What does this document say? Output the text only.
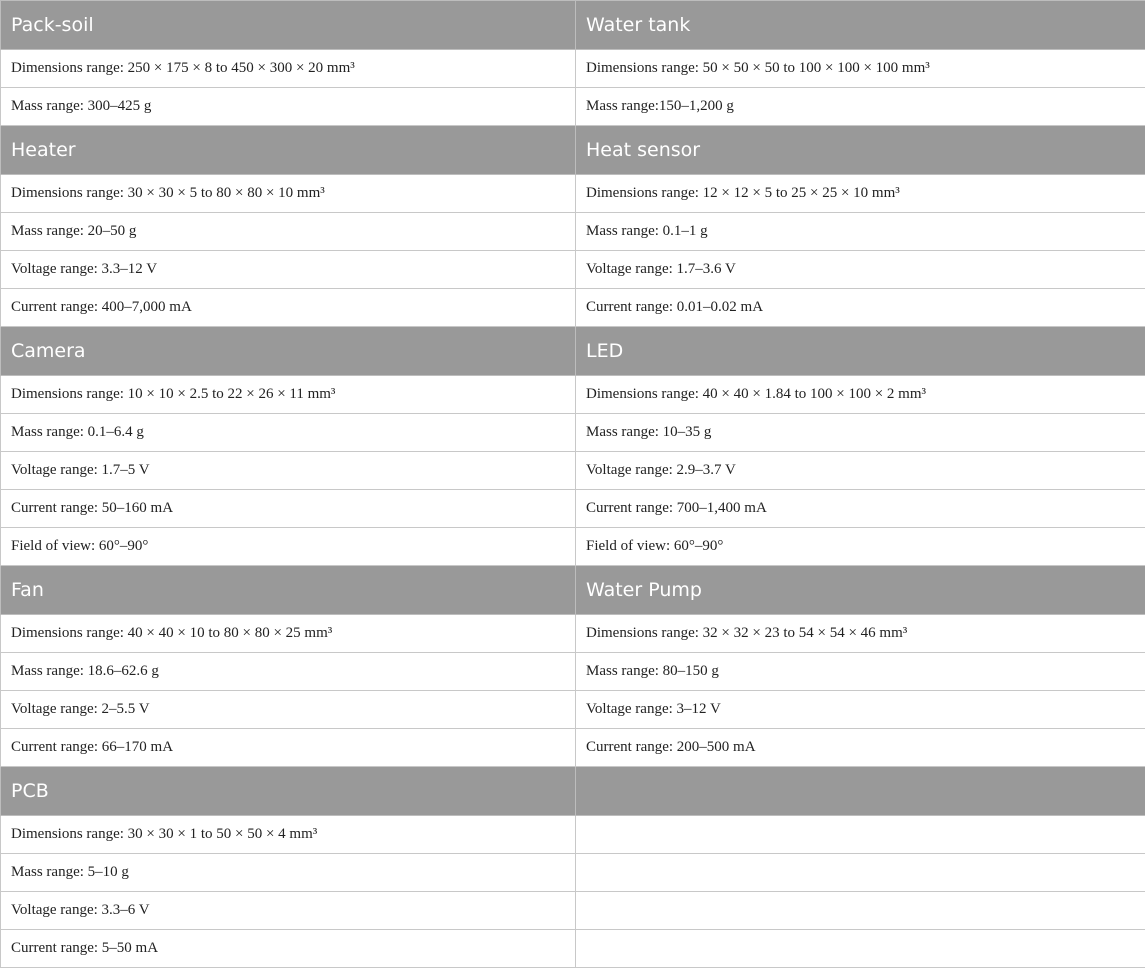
Pack-soil	Water tank
Dimensions range: 250 × 175 × 8 to 450 × 300 × 20 mm³	Dimensions range: 50 × 50 × 50 to 100 × 100 × 100 mm³
Mass range: 300–425 g	Mass range:150–1,200 g
Heater	Heat sensor
Dimensions range: 30 × 30 × 5 to 80 × 80 × 10 mm³	Dimensions range: 12 × 12 × 5 to 25 × 25 × 10 mm³
Mass range: 20–50 g	Mass range: 0.1–1 g
Voltage range: 3.3–12 V	Voltage range: 1.7–3.6 V
Current range: 400–7,000 mA	Current range: 0.01–0.02 mA
Camera	LED
Dimensions range: 10 × 10 × 2.5 to 22 × 26 × 11 mm³	Dimensions range: 40 × 40 × 1.84 to 100 × 100 × 2 mm³
Mass range: 0.1–6.4 g	Mass range: 10–35 g
Voltage range: 1.7–5 V	Voltage range: 2.9–3.7 V
Current range: 50–160 mA	Current range: 700–1,400 mA
Field of view: 60°–90°	Field of view: 60°–90°
Fan	Water Pump
Dimensions range: 40 × 40 × 10 to 80 × 80 × 25 mm³	Dimensions range: 32 × 32 × 23 to 54 × 54 × 46 mm³
Mass range: 18.6–62.6 g	Mass range: 80–150 g
Voltage range: 2–5.5 V	Voltage range: 3–12 V
Current range: 66–170 mA	Current range: 200–500 mA
PCB	
Dimensions range: 30 × 30 × 1 to 50 × 50 × 4 mm³	
Mass range: 5–10 g	
Voltage range: 3.3–6 V	
Current range: 5–50 mA	
